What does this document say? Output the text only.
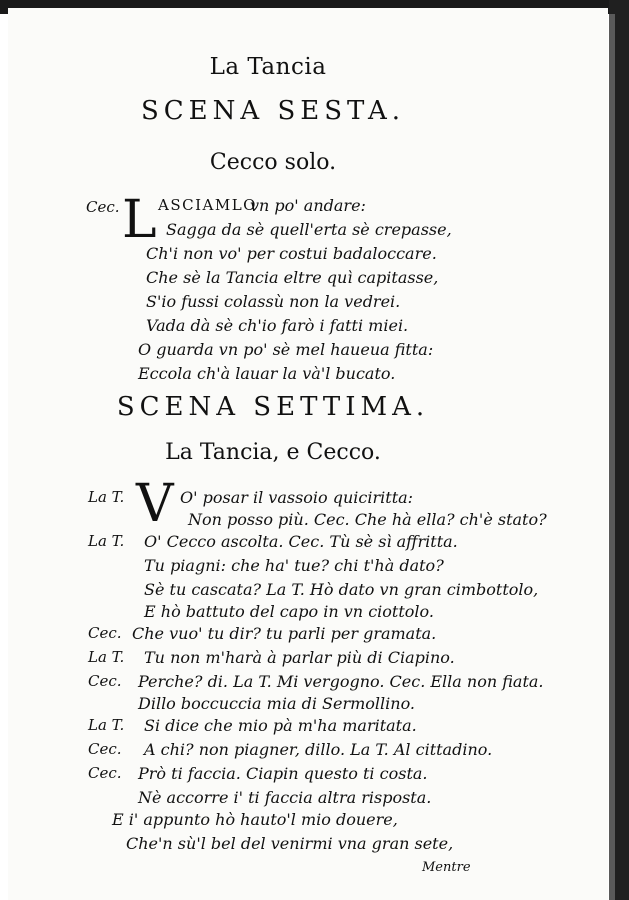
La Tancia
SCENA SESTA.
Cecco solo.
Cec. L ASCIAMLO
vn po' andare:
Sagga da sè quell'erta sè crepasse,
Ch'i non vo' per costui badaloccare.
Che sè la Tancia eltre quì capitasse,
S'io fussi colassù non la vedrei.
Vada dà sè ch'io farò i fatti miei.
O guarda vn po' sè mel haueua fitta:
Eccola ch'à lauar la và'l bucato.
SCENA SETTIMA.
La Tancia, e Cecco.
V
La T.	O' posar il vassoio quiciritta:
Non posso più. Cec. Che hà ella? ch'è stato?
La T. O' Cecco ascolta. Cec. Tù sè sì affritta.
Tu piagni: che ha' tue? chi t'hà dato?
Sè tu cascata? La T. Hò dato vn gran cimbottolo,
E hò battuto del capo in vn ciottolo.
Cec. Che vuo' tu dir? tu parli per gramata.
La T. Tu non m'harà à parlar più di Ciapino.
Cec. Perche? di. La T. Mi vergogno. Cec. Ella non fiata.
Dillo boccuccia mia di Sermollino.
La T. Si dice che mio pà m'ha maritata.
Cec. A chi? non piagner, dillo. La T. Al cittadino.
Cec. Prò ti faccia. Ciapin questo ti costa.
Nè accorre i' ti faccia altra risposta.
E i' appunto hò hauto'l mio douere,
Che'n sù'l bel del venirmi vna gran sete,
Mentre
